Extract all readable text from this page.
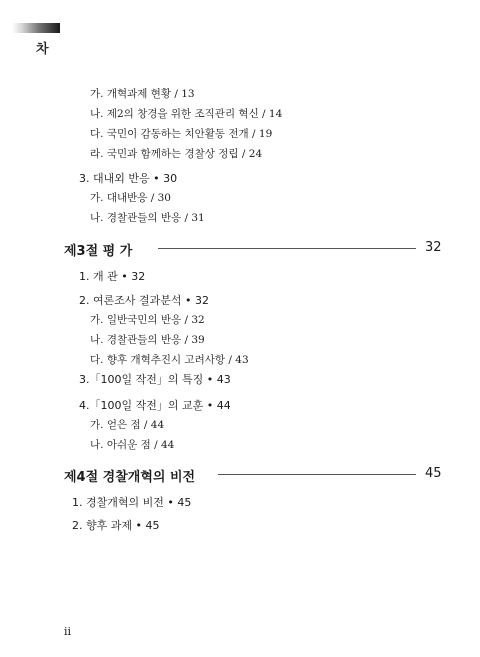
차
가. 개혁과제 현황 / 13
나. 제2의 창경을 위한 조직관리 혁신 / 14
다. 국민이 감동하는 치안활동 전개 / 19
라. 국민과 함께하는 경찰상 정립 / 24
3. 대내외 반응 • 30
가. 대내반응 / 30
나. 경찰관들의 반응 / 31
제3절 평 가	32
1. 개 관 • 32
2. 여론조사 결과분석 • 32
가. 일반국민의 반응 / 32
나. 경찰관들의 반응 / 39
다. 향후 개혁추진시 고려사항 / 43
3.「100일 작전」의 특징 • 43
4.「100일 작전」의 교훈 • 44
가. 얻은 점 / 44
나. 아쉬운 점 / 44
제4절 경찰개혁의 비전	45
1. 경찰개혁의 비전 • 45
2. 향후 과제 • 45
ii
